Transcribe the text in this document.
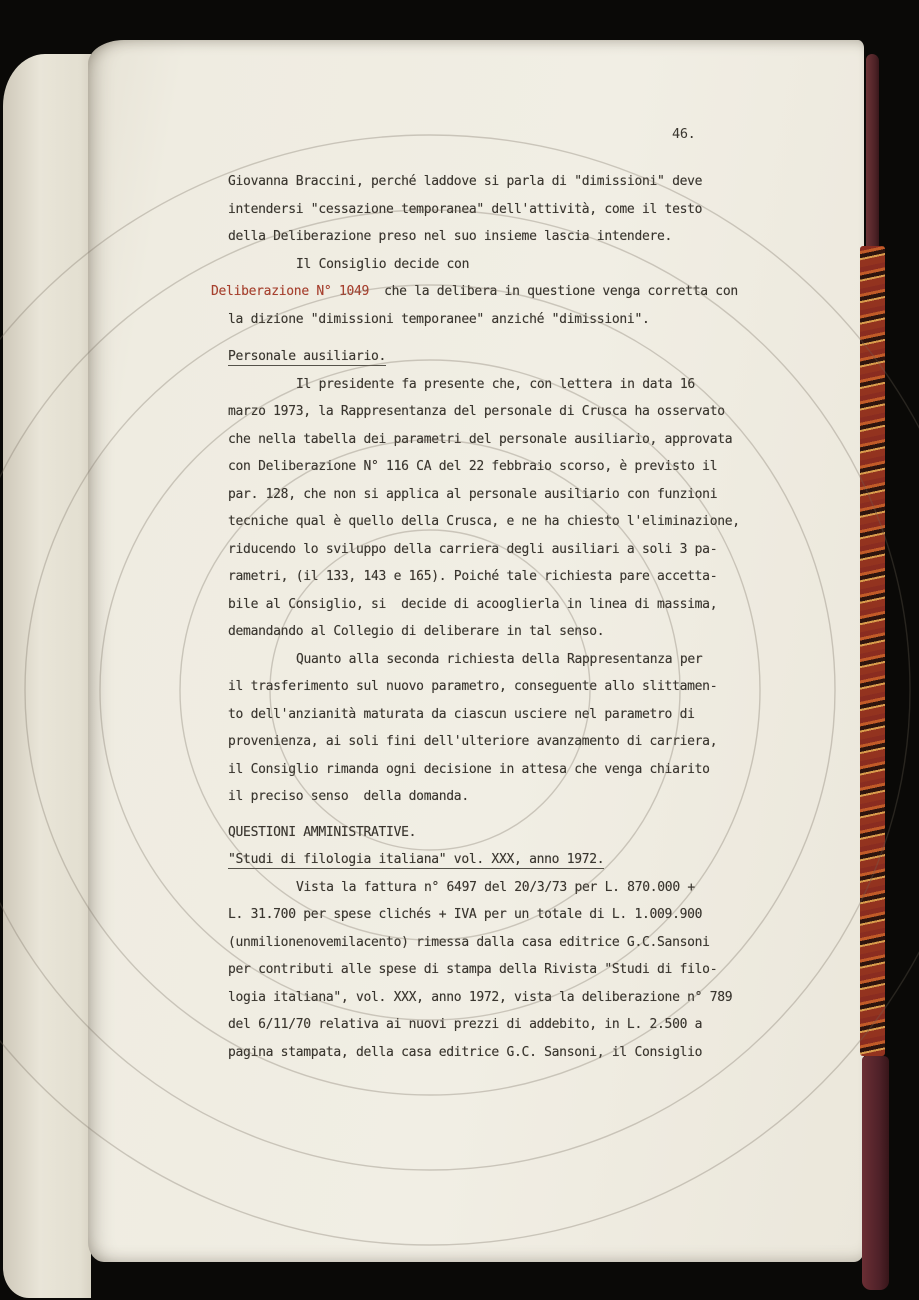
46.
Giovanna Braccini, perché laddove si parla di "dimissioni" deve
intendersi "cessazione temporanea" dell'attività, come il testo
della Deliberazione preso nel suo insieme lascia intendere.
Il Consiglio decide con
Deliberazione N° 1049  che la delibera in questione venga corretta con
la dizione "dimissioni temporanee" anziché "dimissioni".
Personale ausiliario.
Il presidente fa presente che, con lettera in data 16
marzo 1973, la Rappresentanza del personale di Crusca ha osservato
che nella tabella dei parametri del personale ausiliario, approvata
con Deliberazione N° 116 CA del 22 febbraio scorso, è previsto il
par. 128, che non si applica al personale ausiliario con funzioni
tecniche qual è quello della Crusca, e ne ha chiesto l'eliminazione,
riducendo lo sviluppo della carriera degli ausiliari a soli 3 pa-
rametri, (il 133, 143 e 165). Poiché tale richiesta pare accetta-
bile al Consiglio, si  decide di acooglierla in linea di massima,
demandando al Collegio di deliberare in tal senso.
Quanto alla seconda richiesta della Rappresentanza per
il trasferimento sul nuovo parametro, conseguente allo slittamen-
to dell'anzianità maturata da ciascun usciere nel parametro di
provenienza, ai soli fini dell'ulteriore avanzamento di carriera,
il Consiglio rimanda ogni decisione in attesa che venga chiarito
il preciso senso  della domanda.
QUESTIONI AMMINISTRATIVE.
"Studi di filologia italiana" vol. XXX, anno 1972.
Vista la fattura n° 6497 del 20/3/73 per L. 870.000 +
L. 31.700 per spese clichés + IVA per un totale di L. 1.009.900
(unmilionenovemilacento) rimessa dalla casa editrice G.C.Sansoni
per contributi alle spese di stampa della Rivista "Studi di filo-
logia italiana", vol. XXX, anno 1972, vista la deliberazione n° 789
del 6/11/70 relativa ai nuovi prezzi di addebito, in L. 2.500 a
pagina stampata, della casa editrice G.C. Sansoni, il Consiglio
